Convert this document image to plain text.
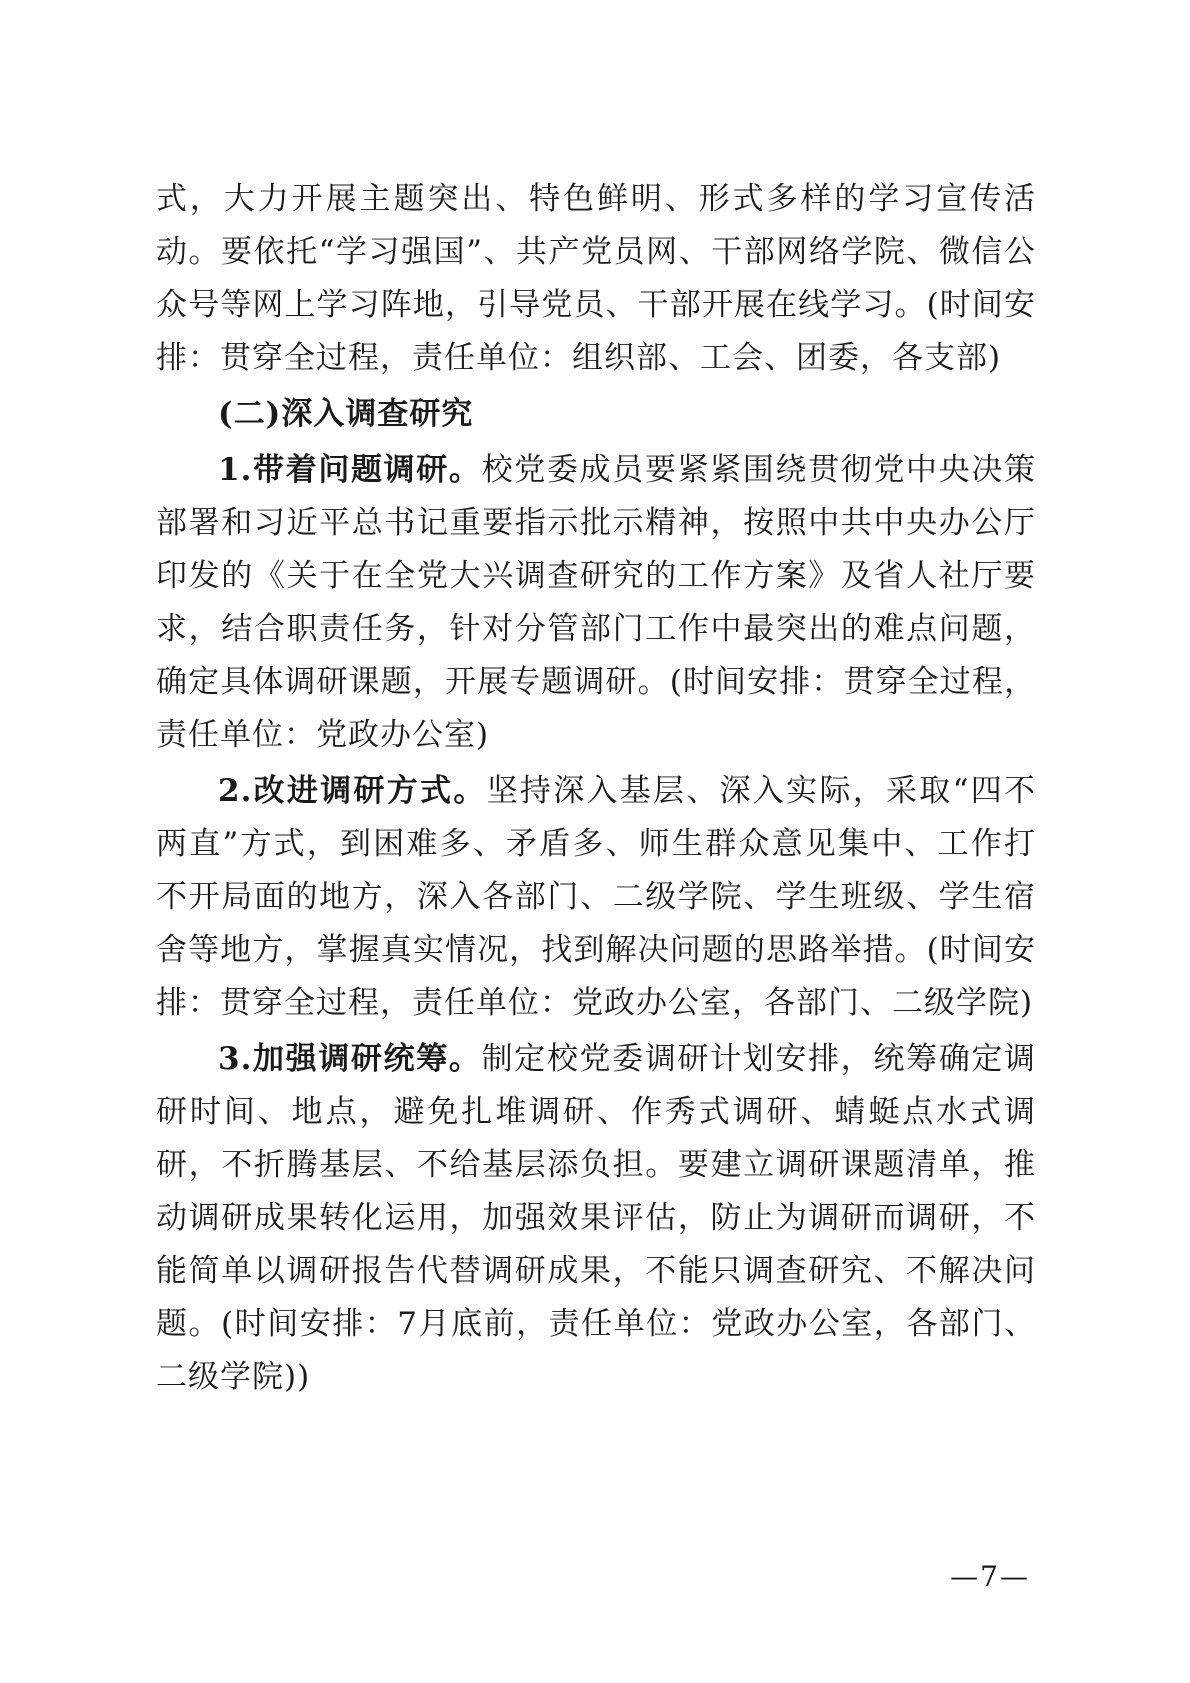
式，大力开展主题突出、特色鲜明、形式多样的学习宣传活动。要依托“学习强国”、共产党员网、干部网络学院、微信公众号等网上学习阵地，引导党员、干部开展在线学习。(时间安排：贯穿全过程，责任单位：组织部、工会、团委，各支部)

(二)深入调查研究

1.带着问题调研。校党委成员要紧紧围绕贯彻党中央决策部署和习近平总书记重要指示批示精神，按照中共中央办公厅印发的《关于在全党大兴调查研究的工作方案》及省人社厅要求，结合职责任务，针对分管部门工作中最突出的难点问题，确定具体调研课题，开展专题调研。(时间安排：贯穿全过程，责任单位：党政办公室)

2.改进调研方式。坚持深入基层、深入实际，采取“四不两直”方式，到困难多、矛盾多、师生群众意见集中、工作打不开局面的地方，深入各部门、二级学院、学生班级、学生宿舍等地方，掌握真实情况，找到解决问题的思路举措。(时间安排：贯穿全过程，责任单位：党政办公室，各部门、二级学院)

3.加强调研统筹。制定校党委调研计划安排，统筹确定调研时间、地点，避免扎堆调研、作秀式调研、蜻蜓点水式调研，不折腾基层、不给基层添负担。要建立调研课题清单，推动调研成果转化运用，加强效果评估，防止为调研而调研，不能简单以调研报告代替调研成果，不能只调查研究、不解决问题。(时间安排：7月底前，责任单位：党政办公室，各部门、二级学院))

—7—
